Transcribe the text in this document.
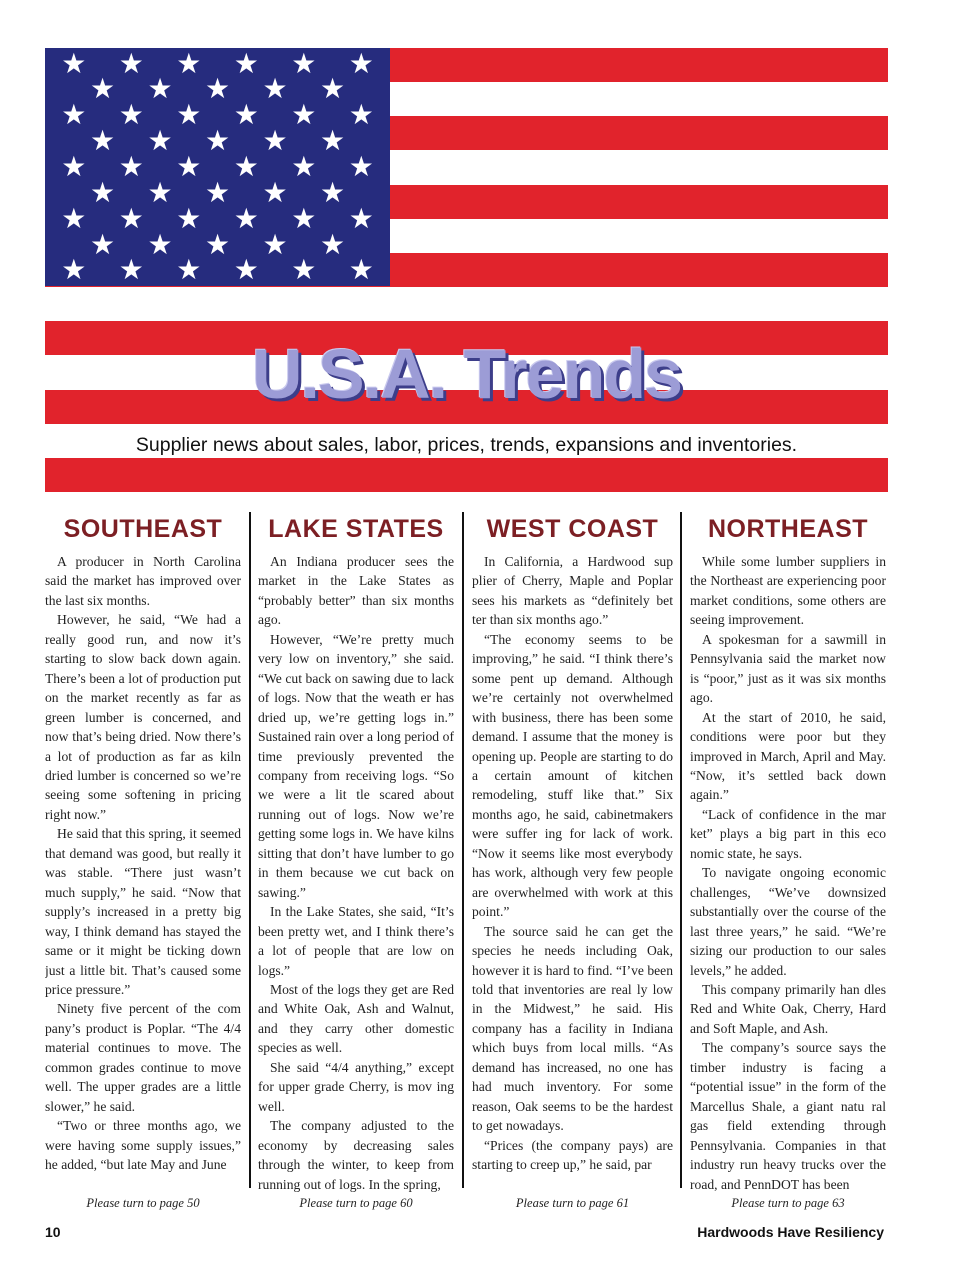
★ ★ ★ ★ ★ ★
★ ★ ★ ★ ★
★ ★ ★ ★ ★ ★
★ ★ ★ ★ ★
★ ★ ★ ★ ★ ★
★ ★ ★ ★ ★
★ ★ ★ ★ ★ ★
★ ★ ★ ★ ★
★ ★ ★ ★ ★ ★
U.S.A. Trends
Supplier news about sales, labor, prices, trends, expansions and inventories.
SOUTHEAST

A producer in North Carolina said the market has improved over the last six months.

However, he said, “We had a really good run, and now it’s starting to slow back down again. There’s been a lot of production put on the market recently as far as green lumber is concerned, and now that’s being dried. Now there’s a lot of production as far as kiln dried lumber is concerned so we’re seeing some softening in pricing right now.”

He said that this spring, it seemed that demand was good, but really it was stable. “There just wasn’t much supply,” he said. “Now that supply’s increased in a pretty big way, I think demand has stayed the same or it might be ticking down just a little bit. That’s caused some price pressure.”

Ninety five percent of the com pany’s product is Poplar. “The 4/4 material continues to move. The common grades continue to move well. The upper grades are a little slower,” he said.

“Two or three months ago, we were having some supply issues,” he added, “but late May and June

LAKE STATES

An Indiana producer sees the market in the Lake States as “probably better” than six months ago.

However, “We’re pretty much very low on inventory,” she said. “We cut back on sawing due to lack of logs. Now that the weath er has dried up, we’re getting logs in.” Sustained rain over a long period of time previously prevented the company from receiving logs. “So we were a lit tle scared about running out of logs. Now we’re getting some logs in. We have kilns sitting that don’t have lumber to go in them because we cut back on sawing.”

In the Lake States, she said, “It’s been pretty wet, and I think there’s a lot of people that are low on logs.”

Most of the logs they get are Red and White Oak, Ash and Walnut, and they carry other domestic species as well.

She said “4/4 anything,” except for upper grade Cherry, is mov ing well.

The company adjusted to the economy by decreasing sales through the winter, to keep from running out of logs. In the spring,

WEST COAST

In California, a Hardwood sup plier of Cherry, Maple and Poplar sees his markets as “definitely bet ter than six months ago.”

“The economy seems to be improving,” he said. “I think there’s some pent up demand. Although we’re certainly not overwhelmed with business, there has been some demand. I assume that the money is opening up. People are starting to do a certain amount of kitchen remodeling, stuff like that.” Six months ago, he said, cabinetmakers were suffer ing for lack of work. “Now it seems like most everybody has work, although very few people are overwhelmed with work at this point.”

The source said he can get the species he needs including Oak, however it is hard to find. “I’ve been told that inventories are real ly low in the Midwest,” he said. His company has a facility in Indiana which buys from local mills. “As demand has increased, no one has had much inventory. For some reason, Oak seems to be the hardest to get nowadays.

“Prices (the company pays) are starting to creep up,” he said, par

NORTHEAST

While some lumber suppliers in the Northeast are experiencing poor market conditions, some others are seeing improvement.

A spokesman for a sawmill in Pennsylvania said the market now is “poor,” just as it was six months ago.

At the start of 2010, he said, conditions were poor but they improved in March, April and May. “Now, it’s settled back down again.”

“Lack of confidence in the mar ket” plays a big part in this eco nomic state, he says.

To navigate ongoing economic challenges, “We’ve downsized substantially over the course of the last three years,” he said. “We’re sizing our production to our sales levels,” he added.

This company primarily han dles Red and White Oak, Cherry, Hard and Soft Maple, and Ash.

The company’s source says the timber industry is facing a “potential issue” in the form of the Marcellus Shale, a giant natu ral gas field extending through Pennsylvania. Companies in that industry run heavy trucks over the road, and PennDOT has been

Please turn to page 50	Please turn to page 60	Please turn to page 61	Please turn to page 63
10	Hardwoods Have Resiliency
